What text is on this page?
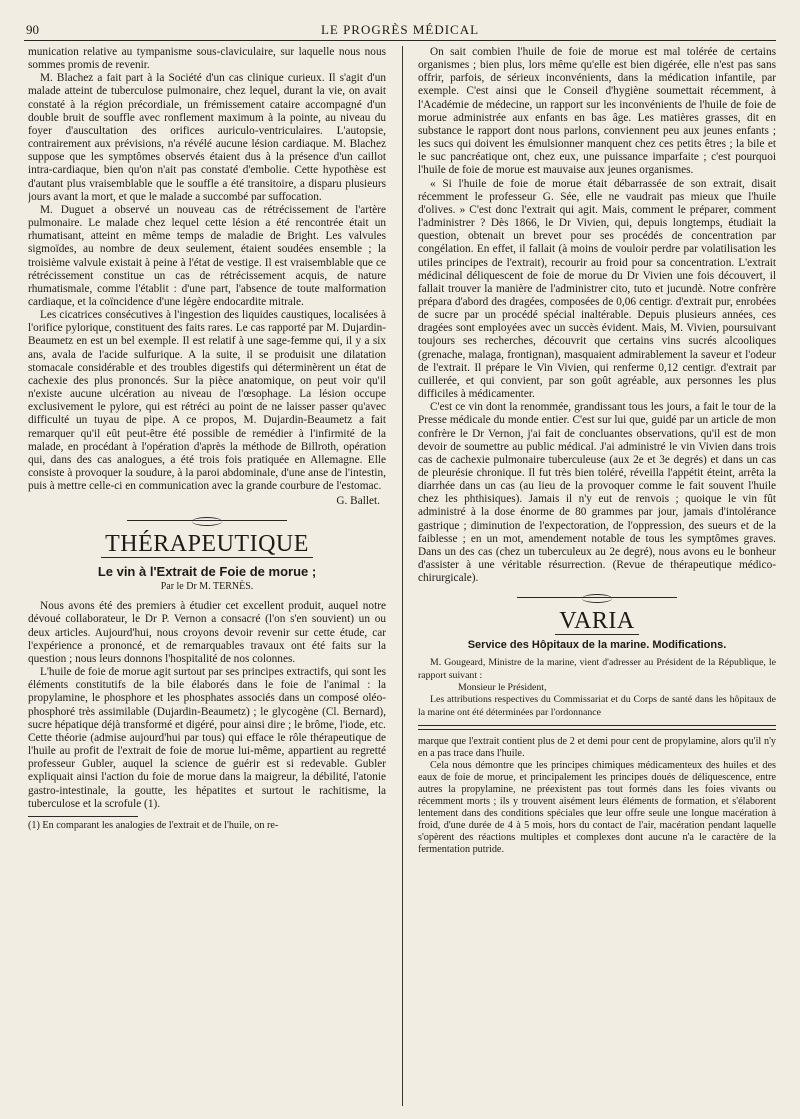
90	LE PROGRÈS MÉDICAL

munication relative au tympanisme sous-claviculaire, sur laquelle nous nous sommes promis de revenir.

M. Blachez a fait part à la Société d'un cas clinique curieux. Il s'agit d'un malade atteint de tuberculose pulmonaire, chez lequel, durant la vie, on avait constaté à la région précordiale, un frémissement cataire accompagné d'un double bruit de souffle avec ronflement maximum à la pointe, au niveau du foyer d'auscultation des orifices auriculo-ventriculaires. L'autopsie, contrairement aux prévisions, n'a révélé aucune lésion cardiaque. M. Blachez suppose que les symptômes observés étaient dus à la présence d'un caillot intra-cardiaque, bien qu'on n'ait pas constaté d'embolie. Cette hypothèse est d'autant plus vraisemblable que le souffle a été transitoire, a disparu plusieurs jours avant la mort, et que le malade a succombé par suffocation.

M. Duguet a observé un nouveau cas de rétrécissement de l'artère pulmonaire. Le malade chez lequel cette lésion a été rencontrée était un rhumatisant, atteint en même temps de maladie de Bright. Les valvules sigmoïdes, au nombre de deux seulement, étaient soudées ensemble ; la troisième valvule existait à peine à l'état de vestige. Il est vraisemblable que ce rétrécissement constitue un cas de rétrécissement acquis, de nature rhumatismale, comme l'établit : d'une part, l'absence de toute malformation cardiaque, et la coïncidence d'une légère endocardite mitrale.

Les cicatrices consécutives à l'ingestion des liquides caustiques, localisées à l'orifice pylorique, constituent des faits rares. Le cas rapporté par M. Dujardin-Beaumetz en est un bel exemple. Il est relatif à une sage-femme qui, il y a six ans, avala de l'acide sulfurique. A la suite, il se produisit une dilatation stomacale considérable et des troubles digestifs qui déterminèrent un état de cachexie des plus prononcés. Sur la pièce anatomique, on peut voir qu'il n'existe aucune ulcération au niveau de l'œsophage. La lésion occupe exclusivement le pylore, qui est rétréci au point de ne laisser passer qu'avec difficulté un tuyau de pipe. A ce propos, M. Dujardin-Beaumetz a fait remarquer qu'il eût peut-être été possible de remédier à l'infirmité de la malade, en procédant à l'opération d'après la méthode de Billroth, opération qui, dans des cas analogues, a été trois fois pratiquée en Allemagne. Elle consiste à provoquer la soudure, à la paroi abdominale, d'une anse de l'intestin, puis à mettre celle-ci en communication avec la grande courbure de l'estomac.

G. Ballet.
THÉRAPEUTIQUE
Le vin à l'Extrait de Foie de morue ;
Par le Dr M. TERNÈS.

Nous avons été des premiers à étudier cet excellent produit, auquel notre dévoué collaborateur, le Dr P. Vernon a consacré (l'on s'en souvient) un ou deux articles. Aujourd'hui, nous croyons devoir revenir sur cette étude, car l'expérience a prononcé, et de remarquables travaux ont été faits sur la question ; nous leurs donnons l'hospitalité de nos colonnes.

L'huile de foie de morue agit surtout par ses principes extractifs, qui sont les éléments constitutifs de la bile élaborés dans le foie de l'animal : la propylamine, le phosphore et les phosphates associés dans un composé oléo-phosphoré très assimilable (Dujardin-Beaumetz) ; le glycogène (Cl. Bernard), sucre hépatique déjà transformé et digéré, pour ainsi dire ; le brôme, l'iode, etc. Cette théorie (admise aujourd'hui par tous) qui efface le rôle thérapeutique de l'huile au profit de l'extrait de foie de morue lui-même, appartient au regretté professeur Gubler, auquel la science de guérir est si redevable. Gubler expliquait ainsi l'action du foie de morue dans la maigreur, la débilité, l'atonie gastro-intestinale, la goutte, les hépatites et surtout le rachitisme, la tuberculose et la scrofule (1).

(1) En comparant les analogies de l'extrait et de l'huile, on re-

On sait combien l'huile de foie de morue est mal tolérée de certains organismes ; bien plus, lors même qu'elle est bien digérée, elle n'est pas sans offrir, parfois, de sérieux inconvénients, dans la médication infantile, par exemple. C'est ainsi que le Conseil d'hygiène soumettait récemment, à l'Académie de médecine, un rapport sur les inconvénients de l'huile de foie de morue administrée aux enfants en bas âge. Les matières grasses, dit en substance le rapport dont nous parlons, conviennent peu aux jeunes enfants ; les sucs qui doivent les émulsionner manquent chez ces petits êtres ; la bile et le suc pancréatique ont, chez eux, une puissance imparfaite ; c'est pourquoi l'huile de foie de morue est mauvaise aux jeunes organismes.

« Si l'huile de foie de morue était débarrassée de son extrait, disait récemment le professeur G. Sée, elle ne vaudrait pas mieux que l'huile d'olives. » C'est donc l'extrait qui agit. Mais, comment le préparer, comment l'administrer ? Dès 1866, le Dr Vivien, qui, depuis longtemps, étudiait la question, obtenait un brevet pour ses procédés de concentration par congélation. En effet, il fallait (à moins de vouloir perdre par volatilisation les utiles principes de l'extrait), recourir au froid pour sa concentration. L'extrait médicinal déliquescent de foie de morue du Dr Vivien une fois découvert, il fallait trouver la manière de l'administrer cito, tuto et jucundè. Notre confrère prépara d'abord des dragées, composées de 0,06 centigr. d'extrait pur, enrobées de sucre par un procédé spécial inaltérable. Depuis plusieurs années, ces dragées sont employées avec un succès évident. Mais, M. Vivien, poursuivant toujours ses recherches, découvrit que certains vins sucrés alcooliques (grenache, malaga, frontignan), masquaient admirablement la saveur et l'odeur de l'extrait. Il prépare le Vin Vivien, qui renferme 0,12 centigr. d'extrait par cuillerée, et qui convient, par son goût agréable, aux personnes les plus difficiles à médicamenter.

C'est ce vin dont la renommée, grandissant tous les jours, a fait le tour de la Presse médicale du monde entier. C'est sur lui que, guidé par un article de mon confrère le Dr Vernon, j'ai fait de concluantes observations, qu'il est de mon devoir de soumettre au public médical. J'ai administré le vin Vivien dans trois cas de cachexie pulmonaire tuberculeuse (aux 2e et 3e degrés) et dans un cas de pleurésie chronique. Il fut très bien toléré, réveilla l'appétit éteint, arrêta la diarrhée dans un cas (au lieu de la provoquer comme le fait souvent l'huile chez les phthisiques). Jamais il n'y eut de renvois ; quoique le vin fût administré à la dose énorme de 80 grammes par jour, jamais d'intolérance gastrique ; diminution de l'expectoration, de l'oppression, des sueurs et de la faiblesse ; en un mot, amendement notable de tous les symptômes graves. Dans un des cas (chez un tuberculeux au 2e degré), nous avons eu le bonheur d'assister à une véritable résurrection. (Revue de thérapeutique médico-chirurgicale).

VARIA
Service des Hôpitaux de la marine. Modifications.

M. Gougeard, Ministre de la marine, vient d'adresser au Président de la République, le rapport suivant :

Monsieur le Président,

Les attributions respectives du Commissariat et du Corps de santé dans les hôpitaux de la marine ont été déterminées par l'ordonnance

marque que l'extrait contient plus de 2 et demi pour cent de propylamine, alors qu'il n'y en a pas trace dans l'huile.

Cela nous démontre que les principes chimiques médicamenteux des huiles et des eaux de foie de morue, et principalement les principes doués de déliquescence, entre autres la propylamine, ne préexistent pas tout formés dans les foies vivants ou récemment morts ; ils y trouvent aisément leurs éléments de formation, et s'élaborent lentement dans des conditions spéciales que leur offre seule une longue macération à froid, d'une durée de 4 à 5 mois, hors du contact de l'air, macération pendant laquelle s'opèrent des réactions multiples et complexes dont aucune n'a le caractère de la fermentation putride.
